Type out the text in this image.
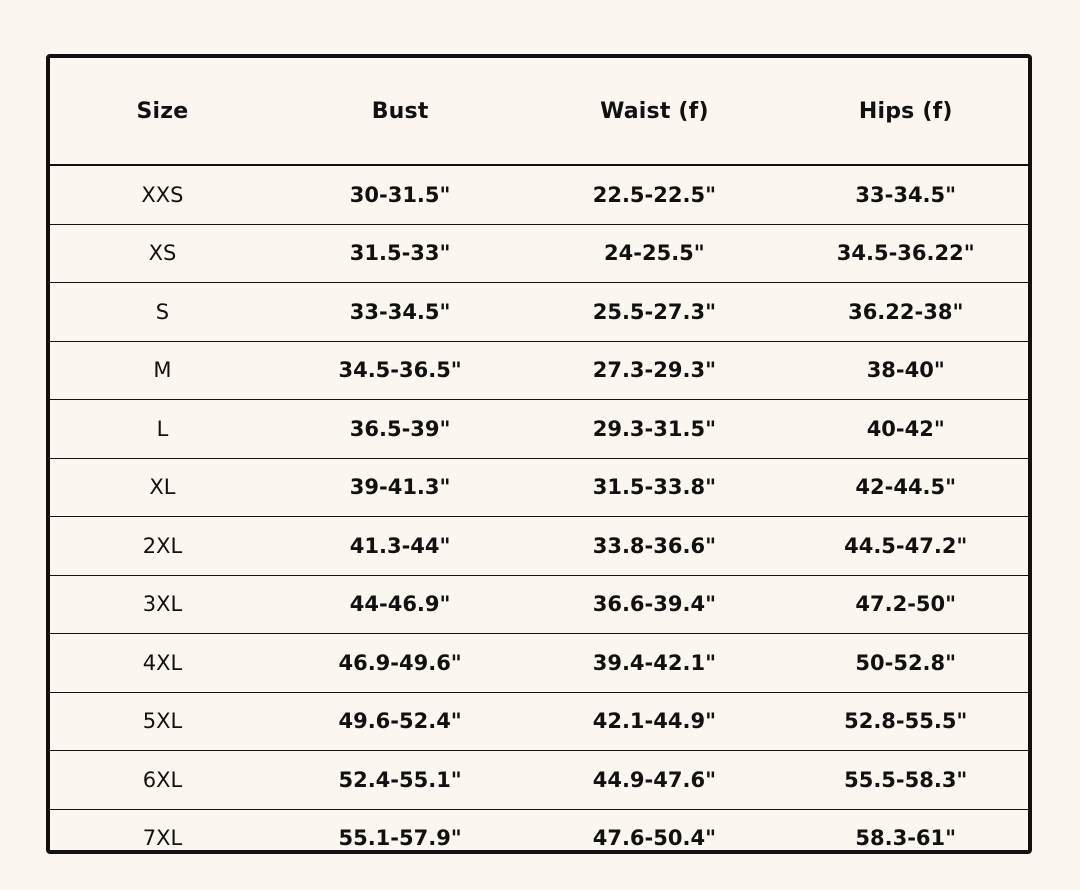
Size	Bust	Waist (f)	Hips (f)
XXS	30-31.5"	22.5-22.5"	33-34.5"
XS	31.5-33"	24-25.5"	34.5-36.22"
S	33-34.5"	25.5-27.3"	36.22-38"
M	34.5-36.5"	27.3-29.3"	38-40"
L	36.5-39"	29.3-31.5"	40-42"
XL	39-41.3"	31.5-33.8"	42-44.5"
2XL	41.3-44"	33.8-36.6"	44.5-47.2"
3XL	44-46.9"	36.6-39.4"	47.2-50"
4XL	46.9-49.6"	39.4-42.1"	50-52.8"
5XL	49.6-52.4"	42.1-44.9"	52.8-55.5"
6XL	52.4-55.1"	44.9-47.6"	55.5-58.3"
7XL	55.1-57.9"	47.6-50.4"	58.3-61"
